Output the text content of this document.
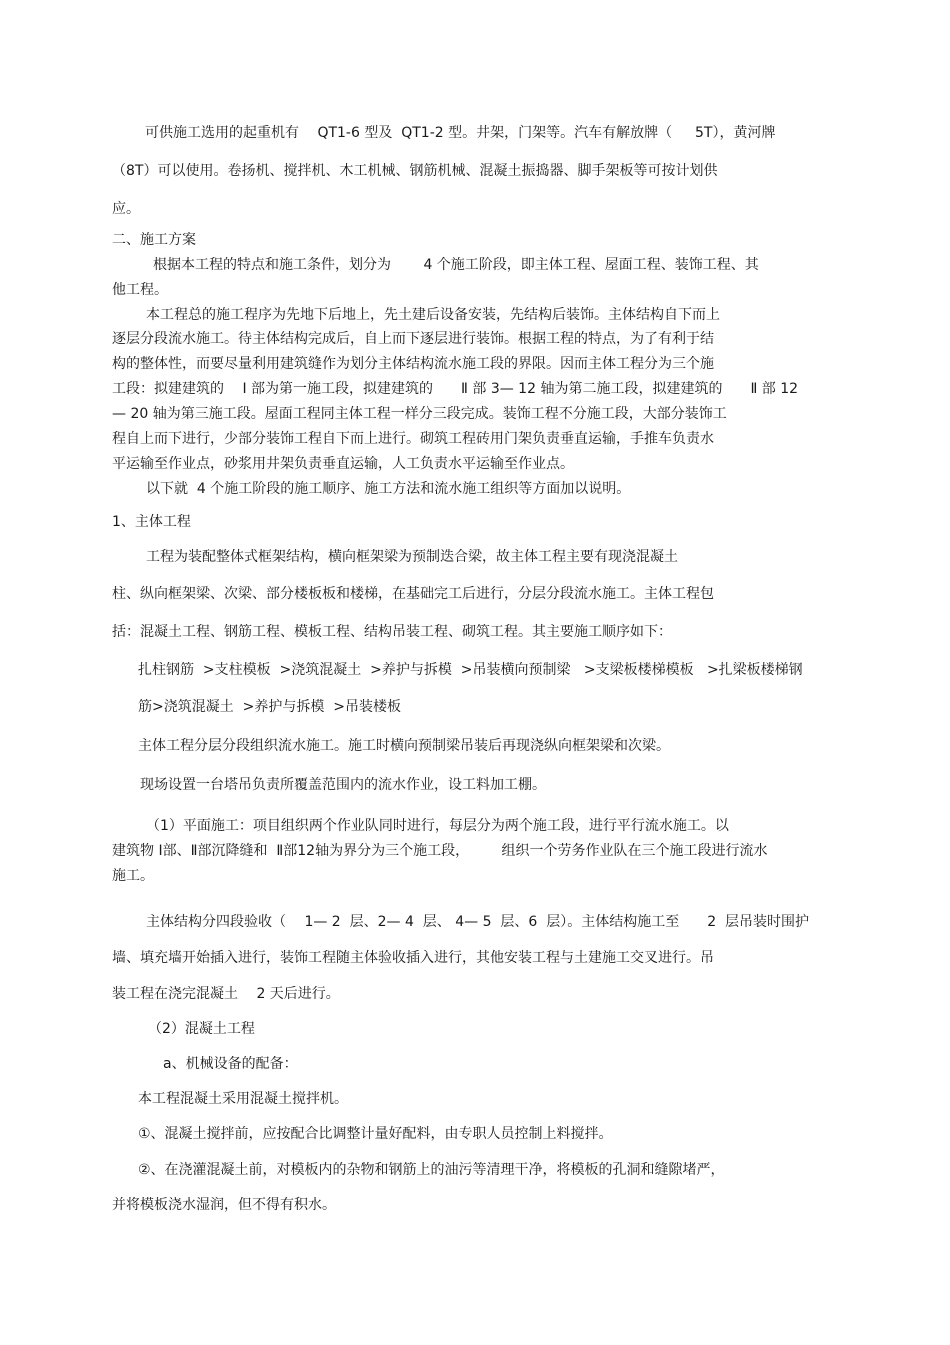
可供施工选用的起重机有 　QT1-6 型及  QT1-2 型。井架，门架等。汽车有解放牌（ 　 5T），黄河牌
（8T）可以使用。卷扬机、搅拌机、木工机械、钢筋机械、混凝土振捣器、脚手架板等可按计划供
应。
二、施工方案
根据本工程的特点和施工条件，划分为 　　4 个施工阶段，即主体工程、屋面工程、装饰工程、其
他工程。
本工程总的施工程序为先地下后地上，先土建后设备安装，先结构后装饰。主体结构自下而上
逐层分段流水施工。待主体结构完成后，自上而下逐层进行装饰。根据工程的特点，为了有利于结
构的整体性，而要尽量利用建筑缝作为划分主体结构流水施工段的界限。因而主体工程分为三个施
工段：拟建建筑的　 Ⅰ 部为第一施工段，拟建建筑的　　Ⅱ 部 3— 12 轴为第二施工段，拟建建筑的　　Ⅱ 部 12
— 20 轴为第三施工段。屋面工程同主体工程一样分三段完成。装饰工程不分施工段，大部分装饰工
程自上而下进行，少部分装饰工程自下而上进行。砌筑工程砖用门架负责垂直运输，手推车负责水
平运输至作业点，砂浆用井架负责垂直运输，人工负责水平运输至作业点。
以下就  4 个施工阶段的施工顺序、施工方法和流水施工组织等方面加以说明。
1、主体工程
工程为装配整体式框架结构，横向框架梁为预制迭合梁，故主体工程主要有现浇混凝土
柱、纵向框架梁、次梁、部分楼板板和楼梯，在基础完工后进行，分层分段流水施工。主体工程包
括：混凝土工程、钢筋工程、模板工程、结构吊装工程、砌筑工程。其主要施工顺序如下：
扎柱钢筋  >支柱模板  >浇筑混凝土  >养护与拆模  >吊装横向预制梁   >支梁板楼梯模板   >扎梁板楼梯钢
筋>浇筑混凝土  >养护与拆模  >吊装楼板
主体工程分层分段组织流水施工。施工时横向预制梁吊装后再现浇纵向框架梁和次梁。
现场设置一台塔吊负责所覆盖范围内的流水作业，设工料加工棚。
（1）平面施工：项目组织两个作业队同时进行，每层分为两个施工段，进行平行流水施工。以
建筑物 Ⅰ部、Ⅱ部沉降缝和  Ⅱ部12轴为界分为三个施工段， 　　组织一个劳务作业队在三个施工段进行流水
施工。
主体结构分四段验收（　 1— 2  层、2— 4  层、 4— 5  层、6  层）。主体结构施工至　　2  层吊装时围护
墙、填充墙开始插入进行，装饰工程随主体验收插入进行，其他安装工程与土建施工交叉进行。吊
装工程在浇完混凝土　 2 天后进行。
（2）混凝土工程
a、机械设备的配备：
本工程混凝土采用混凝土搅拌机。
①、混凝土搅拌前，应按配合比调整计量好配料，由专职人员控制上料搅拌。
②、在浇灌混凝土前，对模板内的杂物和钢筋上的油污等清理干净，将模板的孔洞和缝隙堵严，
并将模板浇水湿润，但不得有积水。
